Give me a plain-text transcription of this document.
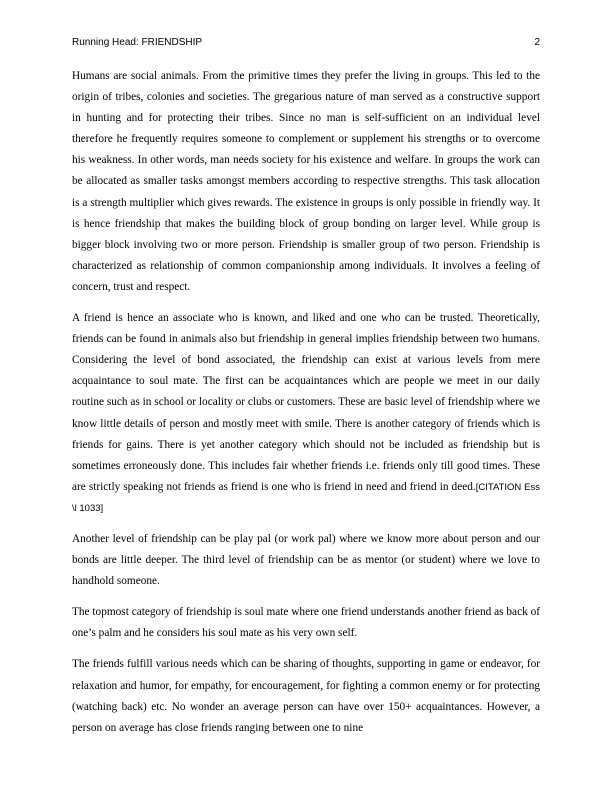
Running Head: FRIENDSHIP	2

Humans are social animals. From the primitive times they prefer the living in groups. This led to the origin of tribes, colonies and societies. The gregarious nature of man served as a constructive support in hunting and for protecting their tribes. Since no man is self-sufficient on an individual level therefore he frequently requires someone to complement or supplement his strengths or to overcome his weakness. In other words, man needs society for his existence and welfare. In groups the work can be allocated as smaller tasks amongst members according to respective strengths. This task allocation is a strength multiplier which gives rewards. The existence in groups is only possible in friendly way. It is hence friendship that makes the building block of group bonding on larger level. While group is bigger block involving two or more person. Friendship is smaller group of two person. Friendship is characterized as relationship of common companionship among individuals. It involves a feeling of concern, trust and respect.

A friend is hence an associate who is known, and liked and one who can be trusted. Theoretically, friends can be found in animals also but friendship in general implies friendship between two humans. Considering the level of bond associated, the friendship can exist at various levels from mere acquaintance to soul mate. The first can be acquaintances which are people we meet in our daily routine such as in school or locality or clubs or customers. These are basic level of friendship where we know little details of person and mostly meet with smile. There is another category of friends which is friends for gains. There is yet another category which should not be included as friendship but is sometimes erroneously done. This includes fair whether friends i.e. friends only till good times. These are strictly speaking not friends as friend is one who is friend in need and friend in deed.[CITATION Ess \l 1033]

Another level of friendship can be play pal (or work pal) where we know more about person and our bonds are little deeper. The third level of friendship can be as mentor (or student) where we love to handhold someone.

The topmost category of friendship is soul mate where one friend understands another friend as back of one’s palm and he considers his soul mate as his very own self.

The friends fulfill various needs which can be sharing of thoughts, supporting in game or endeavor, for relaxation and humor, for empathy, for encouragement, for fighting a common enemy or for protecting (watching back) etc. No wonder an average person can have over 150+ acquaintances. However, a person on average has close friends ranging between one to nine
